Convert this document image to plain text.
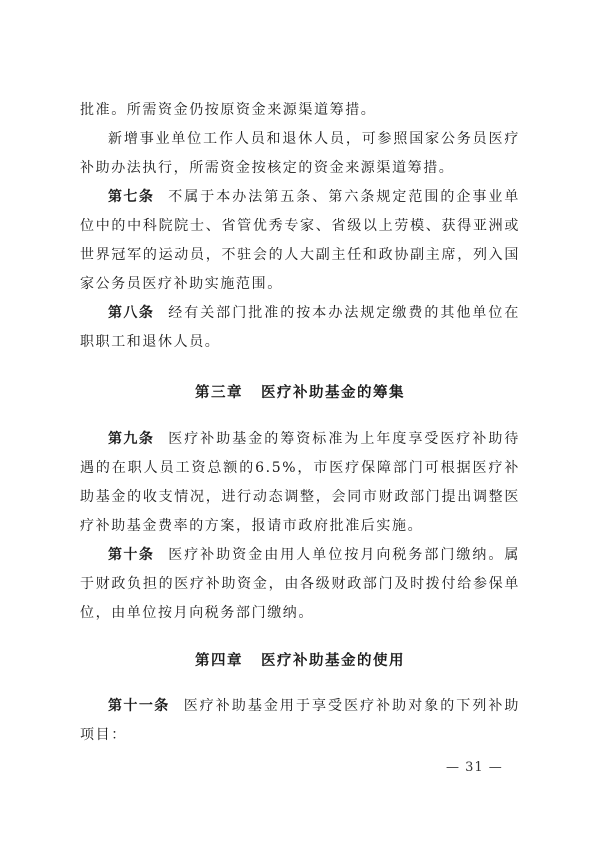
批准。所需资金仍按原资金来源渠道筹措。

新增事业单位工作人员和退休人员，可参照国家公务员医疗补助办法执行，所需资金按核定的资金来源渠道筹措。

第七条 不属于本办法第五条、第六条规定范围的企事业单位中的中科院院士、省管优秀专家、省级以上劳模、获得亚洲或世界冠军的运动员，不驻会的人大副主任和政协副主席，列入国家公务员医疗补助实施范围。

第八条 经有关部门批准的按本办法规定缴费的其他单位在职职工和退休人员。

第三章 医疗补助基金的筹集

第九条 医疗补助基金的筹资标准为上年度享受医疗补助待遇的在职人员工资总额的6.5%，市医疗保障部门可根据医疗补助基金的收支情况，进行动态调整，会同市财政部门提出调整医疗补助基金费率的方案，报请市政府批准后实施。

第十条 医疗补助资金由用人单位按月向税务部门缴纳。属于财政负担的医疗补助资金，由各级财政部门及时拨付给参保单位，由单位按月向税务部门缴纳。

第四章 医疗补助基金的使用

第十一条 医疗补助基金用于享受医疗补助对象的下列补助项目：

— 31 —
